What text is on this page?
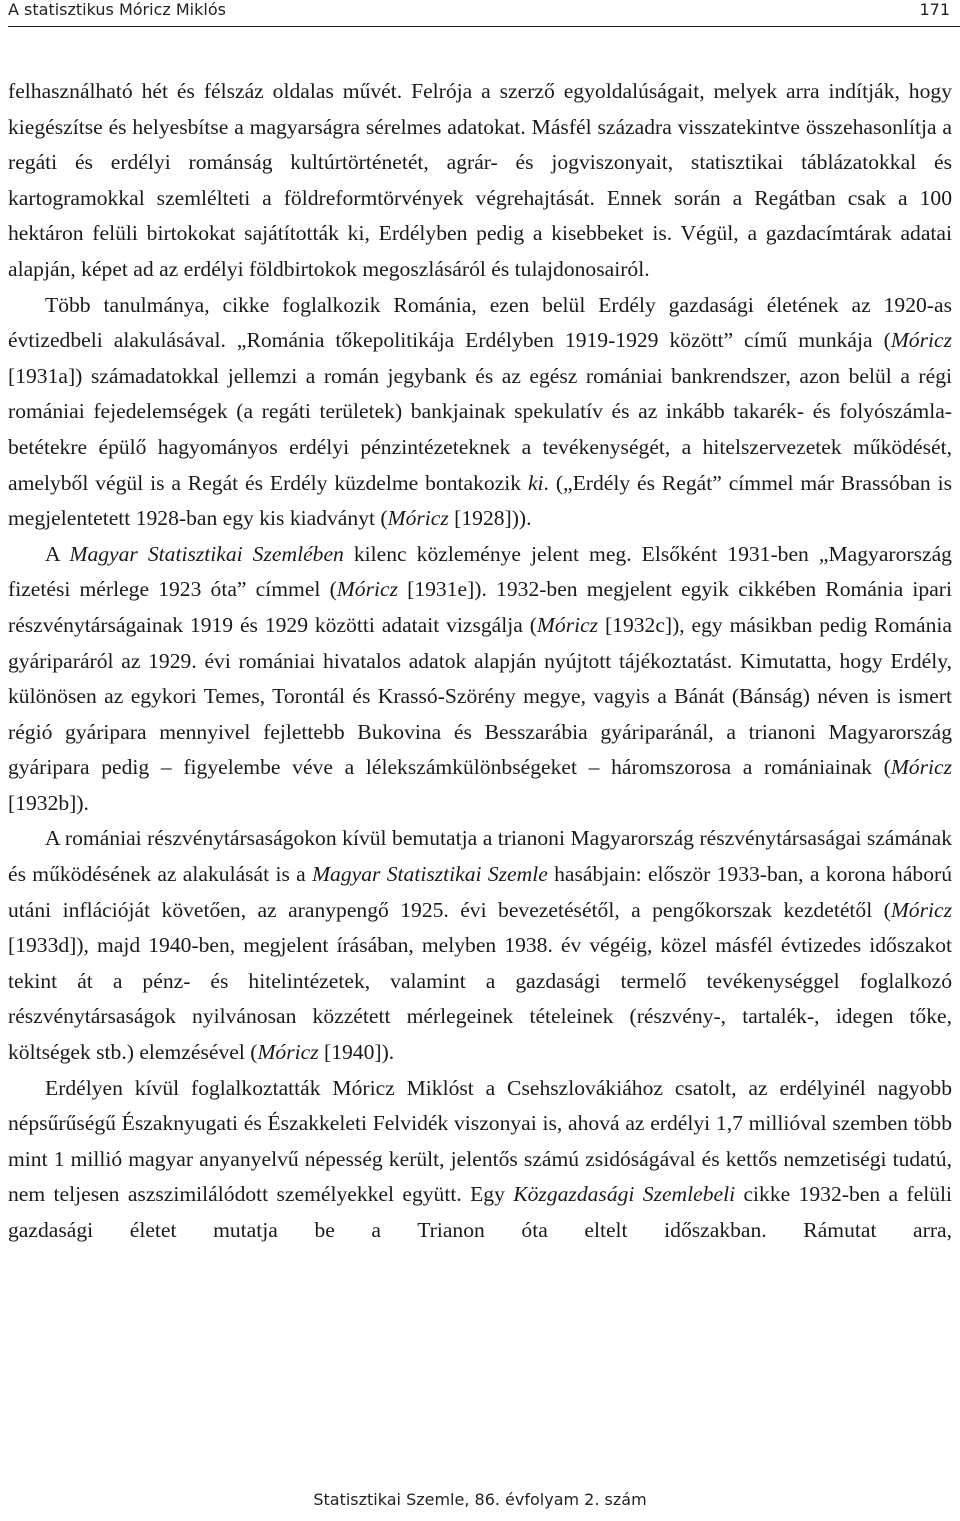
A statisztikus Móricz Miklós	171

felhasználható hét és félszáz oldalas művét. Felrója a szerző egyoldalúságait, melyek arra indítják, hogy kiegészítse és helyesbítse a magyarságra sérelmes adatokat. Másfél századra visszatekintve összehasonlítja a regáti és erdélyi románság kultúrtörténetét, agrár- és jogviszonyait, statisztikai táblázatokkal és kartogramokkal szemlélteti a földreformtörvények végrehajtását. Ennek során a Regátban csak a 100 hektáron felüli birtokokat sajátították ki, Erdélyben pedig a kisebbeket is. Végül, a gazdacímtárak adatai alapján, képet ad az erdélyi földbirtokok megoszlásáról és tulajdonosairól.

Több tanulmánya, cikke foglalkozik Románia, ezen belül Erdély gazdasági életének az 1920-as évtizedbeli alakulásával. „Románia tőkepolitikája Erdélyben 1919-1929 között” című munkája (Móricz [1931a]) számadatokkal jellemzi a román jegybank és az egész romániai bankrendszer, azon belül a régi romániai fejedelemségek (a regáti területek) bankjainak spekulatív és az inkább takarék- és folyószámlabetétekre épülő hagyományos erdélyi pénzintézeteknek a tevékenységét, a hitelszervezetek működését, amelyből végül is a Regát és Erdély küzdelme bontakozik ki. („Erdély és Regát” címmel már Brassóban is megjelentetett 1928-ban egy kis kiadványt (Móricz [1928])).

A Magyar Statisztikai Szemlében kilenc közleménye jelent meg. Elsőként 1931-ben „Magyarország fizetési mérlege 1923 óta” címmel (Móricz [1931e]). 1932-ben megjelent egyik cikkében Románia ipari részvénytárságainak 1919 és 1929 közötti adatait vizsgálja (Móricz [1932c]), egy másikban pedig Románia gyáriparáról az 1929. évi romániai hivatalos adatok alapján nyújtott tájékoztatást. Kimutatta, hogy Erdély, különösen az egykori Temes, Torontál és Krassó-Szörény megye, vagyis a Bánát (Bánság) néven is ismert régió gyáripara mennyivel fejlettebb Bukovina és Besszarábia gyáriparánál, a trianoni Magyarország gyáripara pedig – figyelembe véve a lélekszámkülönbségeket – háromszorosa a romániainak (Móricz [1932b]).

A romániai részvénytársaságokon kívül bemutatja a trianoni Magyarország részvénytársaságai számának és működésének az alakulását is a Magyar Statisztikai Szemle hasábjain: először 1933-ban, a korona háború utáni inflációját követően, az aranypengő 1925. évi bevezetésétől, a pengőkorszak kezdetétől (Móricz [1933d]), majd 1940-ben, megjelent írásában, melyben 1938. év végéig, közel másfél évtizedes időszakot tekint át a pénz- és hitelintézetek, valamint a gazdasági termelő tevékenységgel foglalkozó részvénytársaságok nyilvánosan közzétett mérlegeinek tételeinek (részvény-, tartalék-, idegen tőke, költségek stb.) elemzésével (Móricz [1940]).

Erdélyen kívül foglalkoztatták Móricz Miklóst a Csehszlovákiához csatolt, az erdélyinél nagyobb népsűrűségű Északnyugati és Északkeleti Felvidék viszonyai is, ahová az erdélyi 1,7 millióval szemben több mint 1 millió magyar anyanyelvű népesség került, jelentős számú zsidóságával és kettős nemzetiségi tudatú, nem teljesen aszszimilálódott személyekkel együtt. Egy Közgazdasági Szemlebeli cikke 1932-ben a felüli gazdasági életet mutatja be a Trianon óta eltelt időszakban. Rámutat arra,

Statisztikai Szemle, 86. évfolyam 2. szám
